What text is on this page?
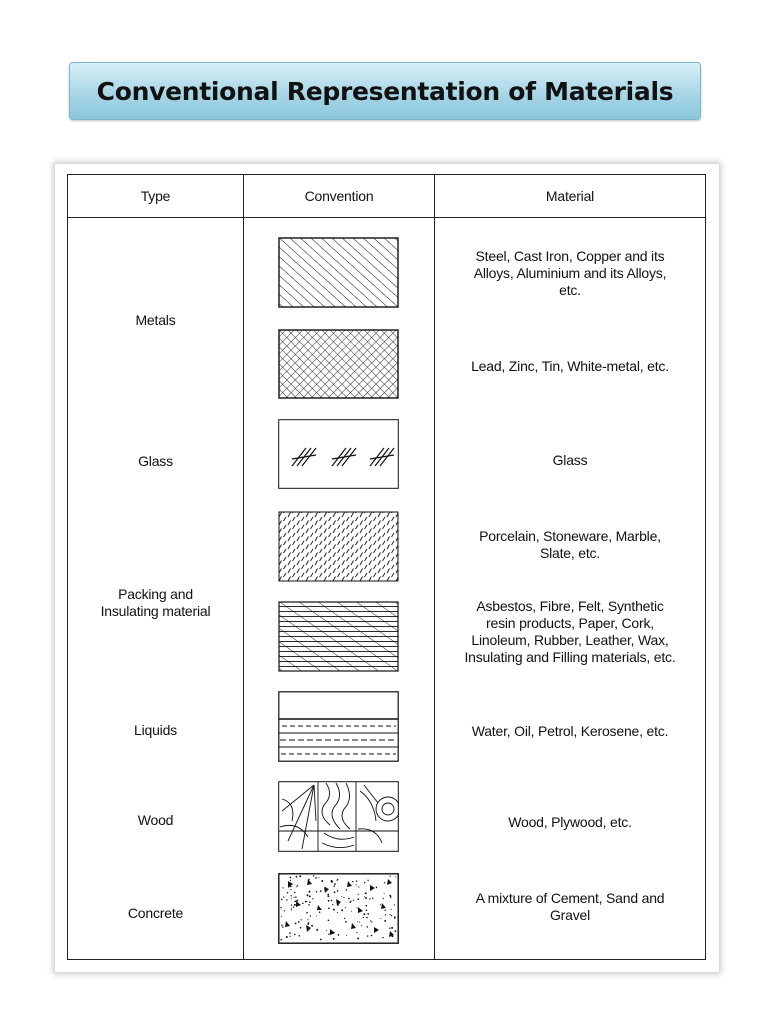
Conventional Representation of Materials
Type	Convention	Material
Metals
Glass
Packing and
Insulating material
Liquids
Wood
Concrete
Steel, Cast Iron, Copper and its
Alloys, Aluminium and its Alloys,
etc.
Lead, Zinc, Tin, White-metal, etc.
Glass
Porcelain, Stoneware, Marble,
Slate, etc.
Asbestos, Fibre, Felt, Synthetic
resin products, Paper, Cork,
Linoleum, Rubber, Leather, Wax,
Insulating and Filling materials, etc.
Water, Oil, Petrol, Kerosene, etc.
Wood, Plywood, etc.
A mixture of Cement, Sand and
Gravel
